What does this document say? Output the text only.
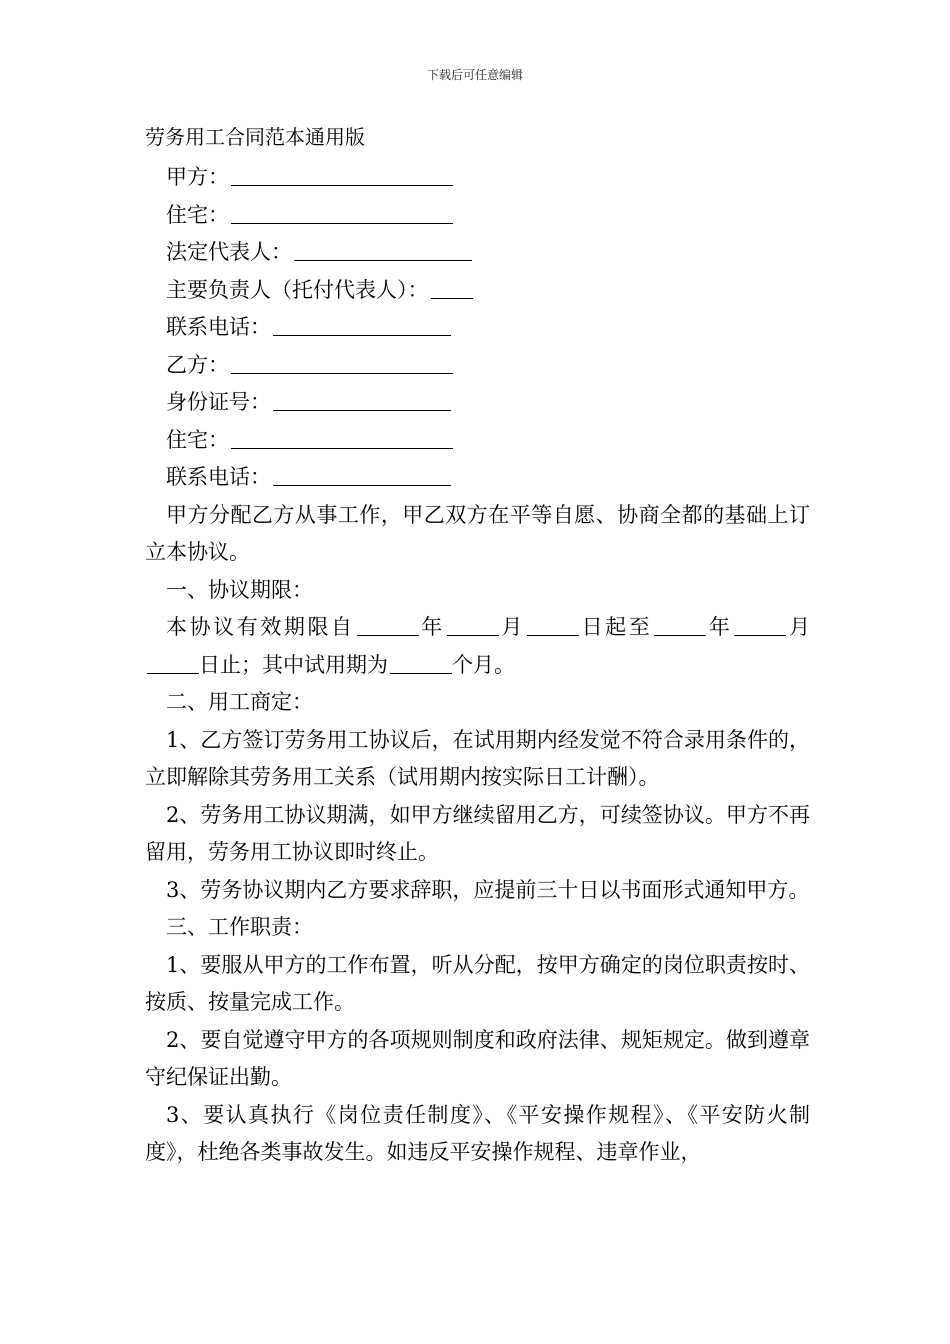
下载后可任意编辑
劳务用工合同范本通用版
甲方：
住宅：
法定代表人：
主要负责人（托付代表人）：
联系电话：
乙方：
身份证号：
住宅：
联系电话：

甲方分配乙方从事工作，甲乙双方在平等自愿、协商全都的基础上订立本协议。

一、协议期限：

本协议有效期限自	年	月	日起至	年	月日止；其中试用期为	个月。

二、用工商定：

1、乙方签订劳务用工协议后，在试用期内经发觉不符合录用条件的，立即解除其劳务用工关系（试用期内按实际日工计酬）。

2、劳务用工协议期满，如甲方继续留用乙方，可续签协议。甲方不再留用，劳务用工协议即时终止。

3、劳务协议期内乙方要求辞职，应提前三十日以书面形式通知甲方。

三、工作职责：

1、要服从甲方的工作布置，听从分配，按甲方确定的岗位职责按时、按质、按量完成工作。

2、要自觉遵守甲方的各项规则制度和政府法律、规矩规定。做到遵章守纪保证出勤。

3、要认真执行《岗位责任制度》、《平安操作规程》、《平安防火制度》，杜绝各类事故发生。如违反平安操作规程、违章作业，
